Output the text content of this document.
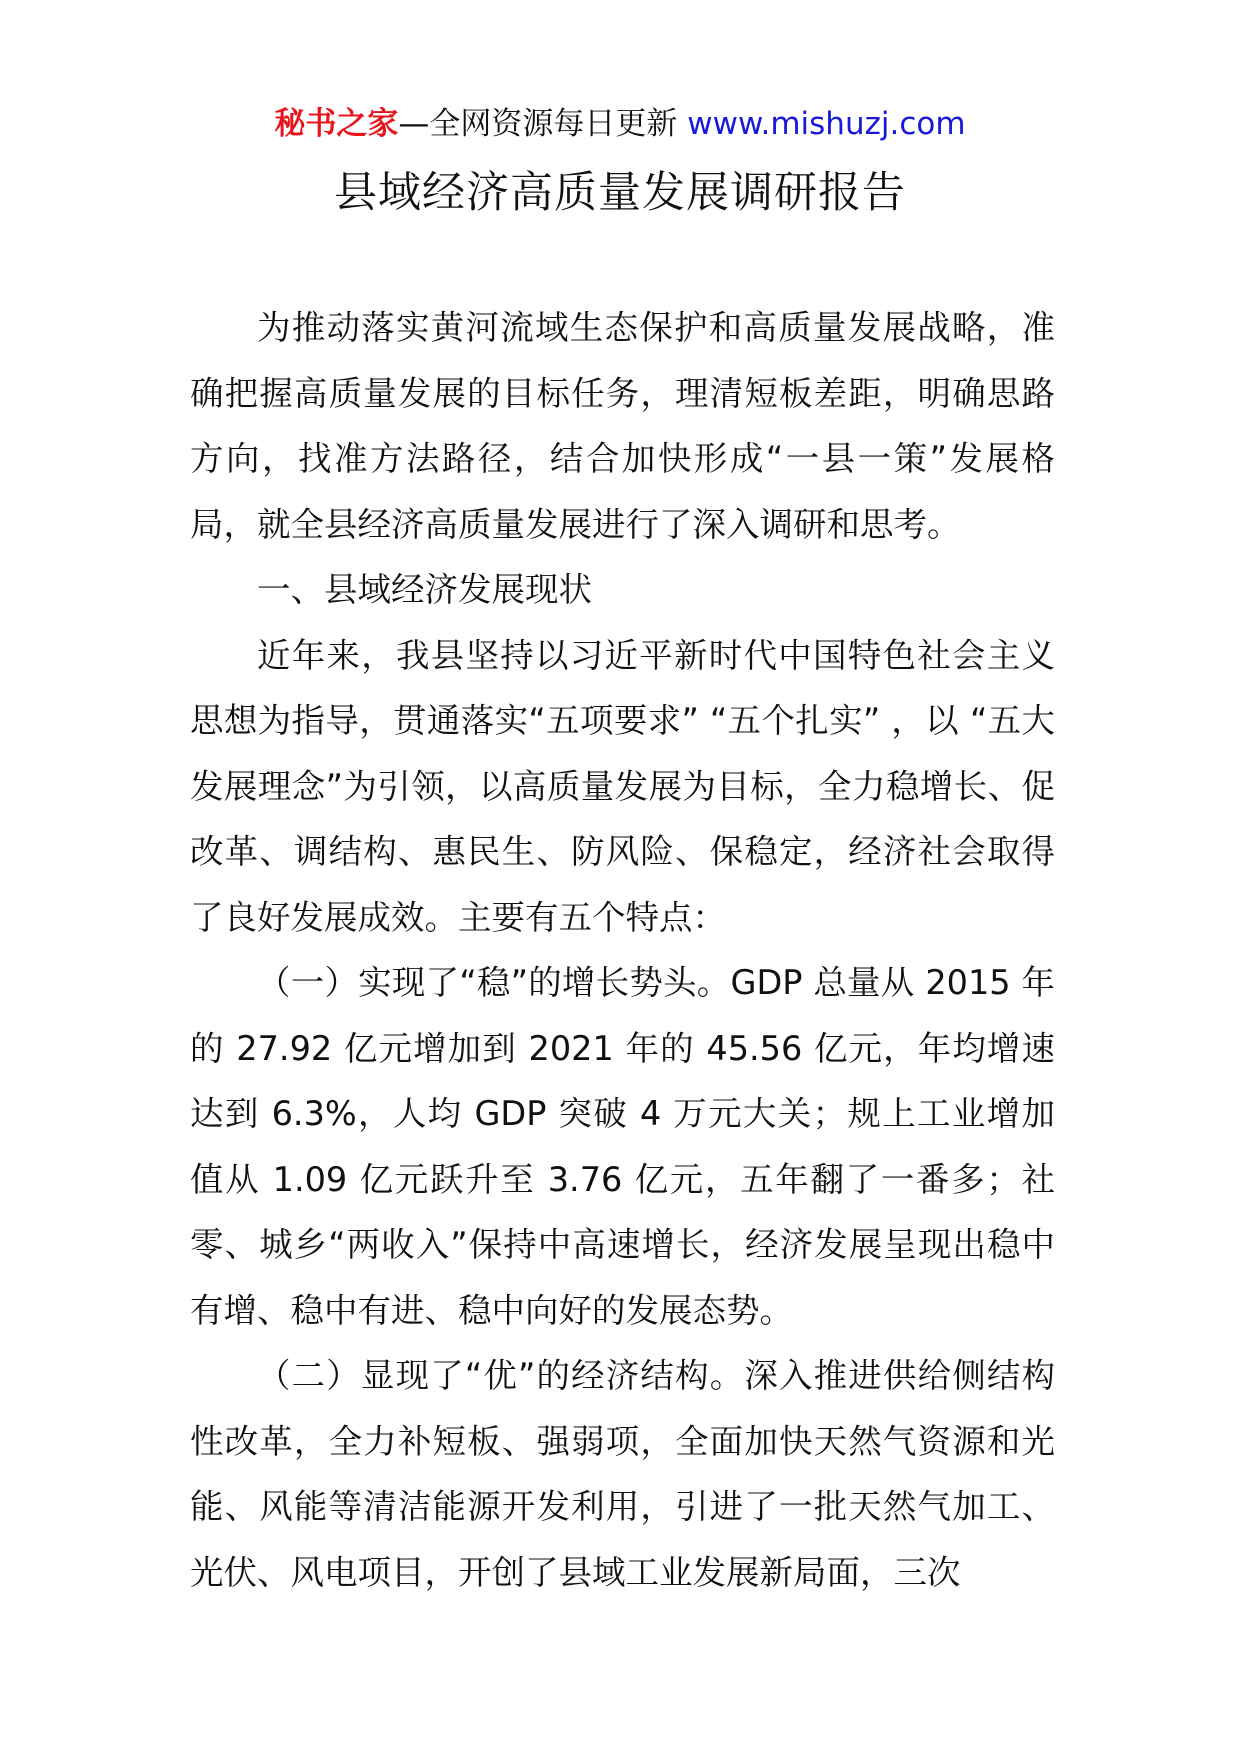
秘书之家—全网资源每日更新 www.mishuzj.com
县域经济高质量发展调研报告

为推动落实黄河流域生态保护和高质量发展战略，准确把握高质量发展的目标任务，理清短板差距，明确思路方向，找准方法路径，结合加快形成“一县一策”发展格局，就全县经济高质量发展进行了深入调研和思考。

一、县域经济发展现状

近年来，我县坚持以习近平新时代中国特色社会主义思想为指导，贯通落实“五项要求” “五个扎实” ，以 “五大发展理念”为引领，以高质量发展为目标，全力稳增长、促改革、调结构、惠民生、防风险、保稳定，经济社会取得了良好发展成效。主要有五个特点：

（一）实现了“稳”的增长势头。GDP 总量从 2015 年的 27.92 亿元增加到 2021 年的 45.56 亿元，年均增速达到 6.3%，人均 GDP 突破 4 万元大关；规上工业增加值从 1.09 亿元跃升至 3.76 亿元，五年翻了一番多；社零、城乡“两收入”保持中高速增长，经济发展呈现出稳中有增、稳中有进、稳中向好的发展态势。

（二）显现了“优”的经济结构。深入推进供给侧结构性改革，全力补短板、强弱项，全面加快天然气资源和光能、风能等清洁能源开发利用，引进了一批天然气加工、光伏、风电项目，开创了县域工业发展新局面，三次
